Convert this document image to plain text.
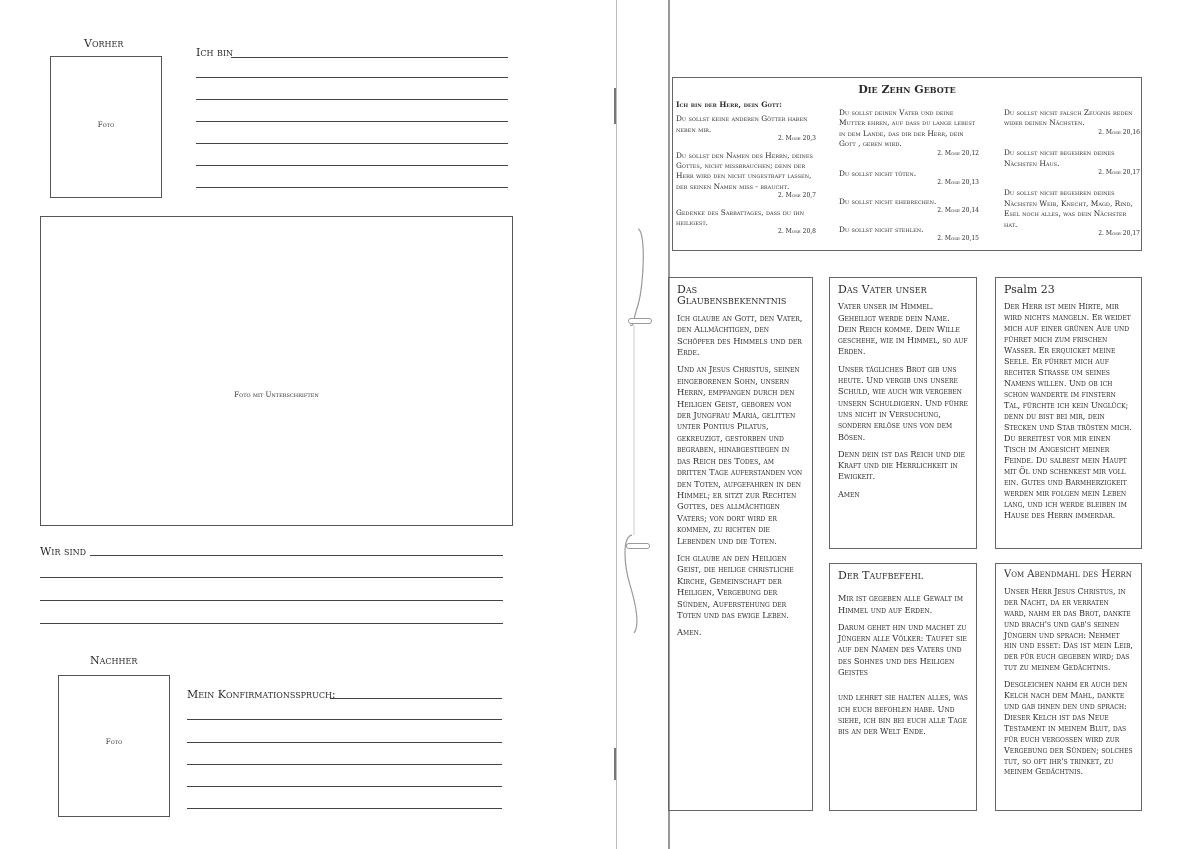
Vorher
Foto
Ich bin
Foto mit Unterschriften
Wir sind
Nachher
Foto
Mein Konfirmationsspruch:
Die Zehn Gebote
Ich bin der Herr, dein Gott:
Du sollst keine anderen Götter haben neben mir.
2. Mose 20,3
Du sollst den Namen des Herrn, deines Gottes, nicht mißbrauchen; denn der Herr wird den nicht ungestraft lassen, der seinen Namen miß - braucht.
2. Mose 20,7
Gedenke des Sabbattages, daß du ihn heiligest.
2. Mose 20,8
Du sollst deinen Vater und deine Mutter ehren, auf daß du lange lebest in dem Lande, das dir der Herr, dein Gott , geben wird.
2. Mose 20,12
Du sollst nicht töten.
2. Mose 20,13
Du sollst nicht ehebrechen.
2. Mose 20,14
Du sollst nicht stehlen.
2. Mose 20,15
Du sollst nicht falsch Zeugnis reden wider deinen Nächsten.
2. Mose 20,16
Du sollst nicht begehren deines Nächsten Haus.
2. Mose 20,17
Du sollst nicht begehren deines Nächsten Weib, Knecht, Magd, Rind, Esel noch alles, was dein Nächster hat.
2. Mose 20,17
Das Glaubensbekenntnis

Ich glaube an Gott, den Vater, den Allmächtigen, den Schöpfer des Himmels und der Erde.

Und an Jesus Christus, seinen eingeborenen Sohn, unsern Herrn, empfangen durch den Heiligen Geist, geboren von der Jungfrau Maria, gelitten unter Pontius Pilatus, gekreuzigt, gestorben und begraben, hinabgestiegen in das Reich des Todes, am dritten Tage auferstanden von den Toten, aufgefahren in den Himmel; er sitzt zur Rechten Gottes, des allmächtigen Vaters; von dort wird er kommen, zu richten die Lebenden und die Toten.

Ich glaube an den Heiligen Geist, die heilige christliche Kirche, Gemeinschaft der Heiligen, Vergebung der Sünden, Auferstehung der Toten und das ewige Leben.

Amen.

Das Vater unser

Vater unser im Himmel. Geheiligt werde dein Name. Dein Reich komme. Dein Wille geschehe, wie im Himmel, so auf Erden.

Unser tägliches Brot gib uns heute. Und vergib uns unsere Schuld, wie auch wir vergeben unsern Schuldigern. Und führe uns nicht in Versuchung, sondern erlöse uns von dem Bösen.

Denn dein ist das Reich und die Kraft und die Herrlichkeit in Ewigkeit.

Amen

Psalm 23

Der Herr ist mein Hirte, mir wird nichts mangeln. Er weidet mich auf einer grünen Aue und führet mich zum frischen Wasser. Er erquicket meine Seele. Er führet mich auf rechter Straße um seines Namens willen. Und ob ich schon wanderte im finstern Tal, fürchte ich kein Unglück; denn du bist bei mir, dein Stecken und Stab trösten mich. Du bereitest vor mir einen Tisch im Angesicht meiner Feinde. Du salbest mein Haupt mit Öl und schenkest mir voll ein. Gutes und Barmherzigkeit werden mir folgen mein Leben lang, und ich werde bleiben im Hause des Herrn immerdar.

Der Taufbefehl

Mir ist gegeben alle Gewalt im Himmel und auf Erden.

Darum gehet hin und machet zu Jüngern alle Völker: Taufet sie auf den Namen des Vaters und des Sohnes und des Heiligen Geistes

und lehret sie halten alles, was ich euch befohlen habe. Und siehe, ich bin bei euch alle Tage bis an der Welt Ende.

Vom Abendmahl des Herrn

Unser Herr Jesus Christus, in der Nacht, da er verraten ward, nahm er das Brot, dankte und brach's und gab's seinen Jüngern und sprach: Nehmet hin und esset: Das ist mein Leib, der für euch gegeben wird; das tut zu meinem Gedächtnis.

Desgleichen nahm er auch den Kelch nach dem Mahl, dankte und gab ihnen den und sprach: Dieser Kelch ist das Neue Testament in meinem Blut, das für euch vergossen wird zur Vergebung der Sünden; solches tut, so oft ihr's trinket, zu meinem Gedächtnis.
